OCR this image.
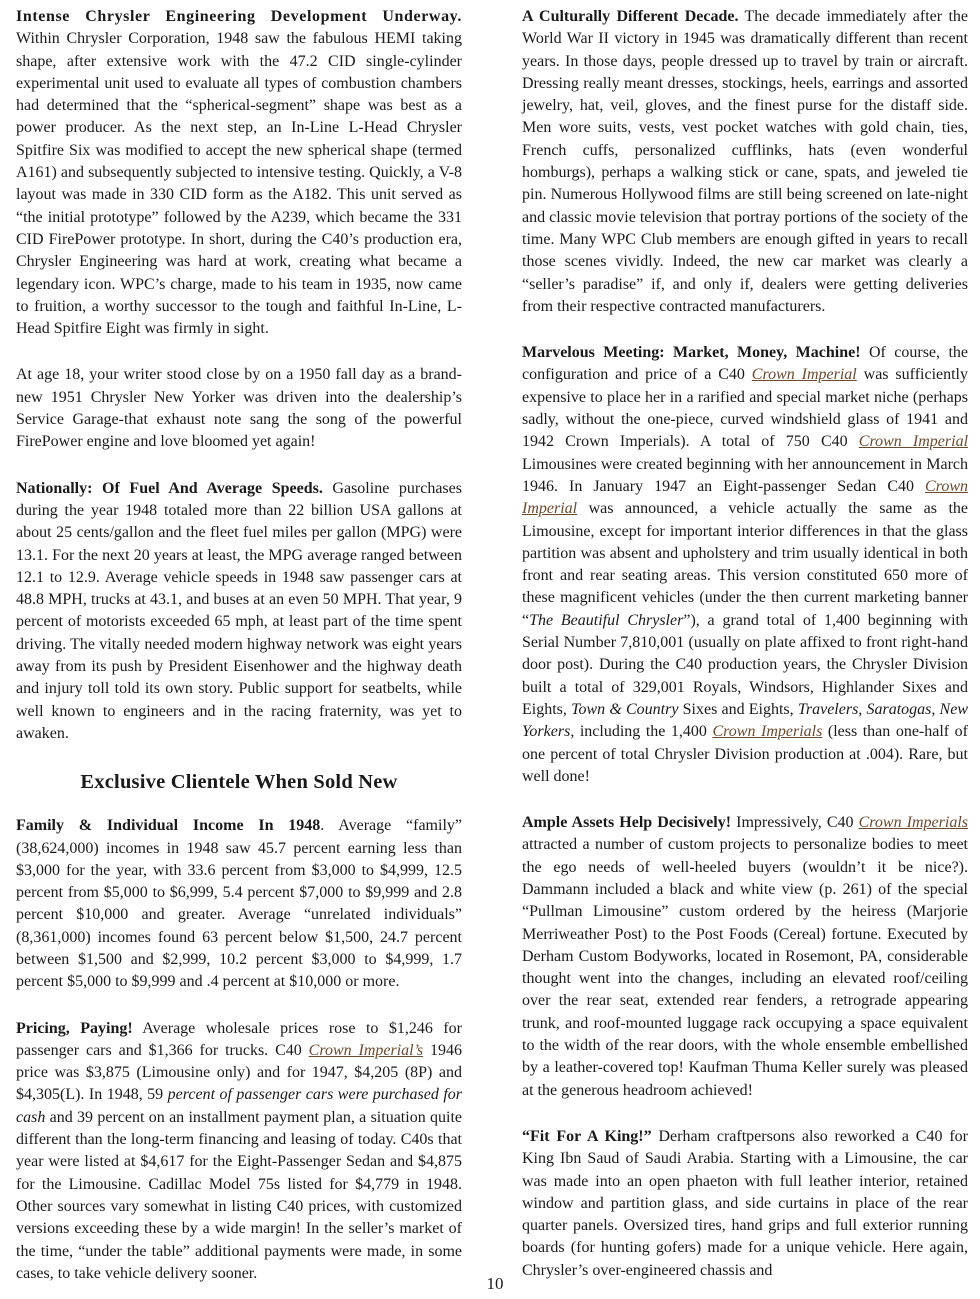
Intense Chrysler Engineering Development Underway. Within Chrysler Corporation, 1948 saw the fabulous HEMI taking shape, after extensive work with the 47.2 CID single-cylinder experimental unit used to evaluate all types of combustion chambers had determined that the “spherical-segment” shape was best as a power producer. As the next step, an In-Line L-Head Chrysler Spitfire Six was modified to accept the new spherical shape (termed A161) and subsequently subjected to intensive testing. Quickly, a V-8 layout was made in 330 CID form as the A182. This unit served as “the initial prototype” followed by the A239, which became the 331 CID FirePower prototype. In short, during the C40’s production era, Chrysler Engineering was hard at work, creating what became a legendary icon. WPC’s charge, made to his team in 1935, now came to fruition, a worthy successor to the tough and faithful In-Line, L-Head Spitfire Eight was firmly in sight.

At age 18, your writer stood close by on a 1950 fall day as a brand-new 1951 Chrysler New Yorker was driven into the dealership’s Service Garage-that exhaust note sang the song of the powerful FirePower engine and love bloomed yet again!

Nationally: Of Fuel And Average Speeds. Gasoline purchases during the year 1948 totaled more than 22 billion USA gallons at about 25 cents/gallon and the fleet fuel miles per gallon (MPG) were 13.1. For the next 20 years at least, the MPG average ranged between 12.1 to 12.9. Average vehicle speeds in 1948 saw passenger cars at 48.8 MPH, trucks at 43.1, and buses at an even 50 MPH. That year, 9 percent of motorists exceeded 65 mph, at least part of the time spent driving. The vitally needed modern highway network was eight years away from its push by President Eisenhower and the highway death and injury toll told its own story. Public support for seatbelts, while well known to engineers and in the racing fraternity, was yet to awaken.

Exclusive Clientele When Sold New

Family & Individual Income In 1948. Average “family” (38,624,000) incomes in 1948 saw 45.7 percent earning less than $3,000 for the year, with 33.6 percent from $3,000 to $4,999, 12.5 percent from $5,000 to $6,999, 5.4 percent $7,000 to $9,999 and 2.8 percent $10,000 and greater. Average “unrelated individuals” (8,361,000) incomes found 63 percent below $1,500, 24.7 percent between $1,500 and $2,999, 10.2 percent $3,000 to $4,999, 1.7 percent $5,000 to $9,999 and .4 percent at $10,000 or more.

Pricing, Paying! Average wholesale prices rose to $1,246 for passenger cars and $1,366 for trucks. C40 Crown Imperial’s 1946 price was $3,875 (Limousine only) and for 1947, $4,205 (8P) and $4,305(L). In 1948, 59 percent of passenger cars were purchased for cash and 39 percent on an installment payment plan, a situation quite different than the long-term financing and leasing of today. C40s that year were listed at $4,617 for the Eight-Passenger Sedan and $4,875 for the Limousine. Cadillac Model 75s listed for $4,779 in 1948. Other sources vary somewhat in listing C40 prices, with customized versions exceeding these by a wide margin! In the seller’s market of the time, “under the table” additional payments were made, in some cases, to take vehicle delivery sooner.

A Culturally Different Decade. The decade immediately after the World War II victory in 1945 was dramatically different than recent years. In those days, people dressed up to travel by train or aircraft. Dressing really meant dresses, stockings, heels, earrings and assorted jewelry, hat, veil, gloves, and the finest purse for the distaff side. Men wore suits, vests, vest pocket watches with gold chain, ties, French cuffs, personalized cufflinks, hats (even wonderful homburgs), perhaps a walking stick or cane, spats, and jeweled tie pin. Numerous Hollywood films are still being screened on late-night and classic movie television that portray portions of the society of the time. Many WPC Club members are enough gifted in years to recall those scenes vividly. Indeed, the new car market was clearly a “seller’s paradise” if, and only if, dealers were getting deliveries from their respective contracted manufacturers.

Marvelous Meeting: Market, Money, Machine! Of course, the configuration and price of a C40 Crown Imperial was sufficiently expensive to place her in a rarified and special market niche (perhaps sadly, without the one-piece, curved windshield glass of 1941 and 1942 Crown Imperials). A total of 750 C40 Crown Imperial Limousines were created beginning with her announcement in March 1946. In January 1947 an Eight-passenger Sedan C40 Crown Imperial was announced, a vehicle actually the same as the Limousine, except for important interior differences in that the glass partition was absent and upholstery and trim usually identical in both front and rear seating areas. This version constituted 650 more of these magnificent vehicles (under the then current marketing banner “The Beautiful Chrysler”), a grand total of 1,400 beginning with Serial Number 7,810,001 (usually on plate affixed to front right-hand door post). During the C40 production years, the Chrysler Division built a total of 329,001 Royals, Windsors, Highlander Sixes and Eights, Town & Country Sixes and Eights, Travelers, Saratogas, New Yorkers, including the 1,400 Crown Imperials (less than one-half of one percent of total Chrysler Division production at .004). Rare, but well done!

Ample Assets Help Decisively! Impressively, C40 Crown Imperials attracted a number of custom projects to personalize bodies to meet the ego needs of well-heeled buyers (wouldn’t it be nice?). Dammann included a black and white view (p. 261) of the special “Pullman Limousine” custom ordered by the heiress (Marjorie Merriweather Post) to the Post Foods (Cereal) fortune. Executed by Derham Custom Bodyworks, located in Rosemont, PA, considerable thought went into the changes, including an elevated roof/ceiling over the rear seat, extended rear fenders, a retrograde appearing trunk, and roof-mounted luggage rack occupying a space equivalent to the width of the rear doors, with the whole ensemble embellished by a leather-covered top! Kaufman Thuma Keller surely was pleased at the generous headroom achieved!

“Fit For A King!” Derham craftpersons also reworked a C40 for King Ibn Saud of Saudi Arabia. Starting with a Limousine, the car was made into an open phaeton with full leather interior, retained window and partition glass, and side curtains in place of the rear quarter panels. Oversized tires, hand grips and full exterior running boards (for hunting gofers) made for a unique vehicle. Here again, Chrysler’s over-engineered chassis and

10
